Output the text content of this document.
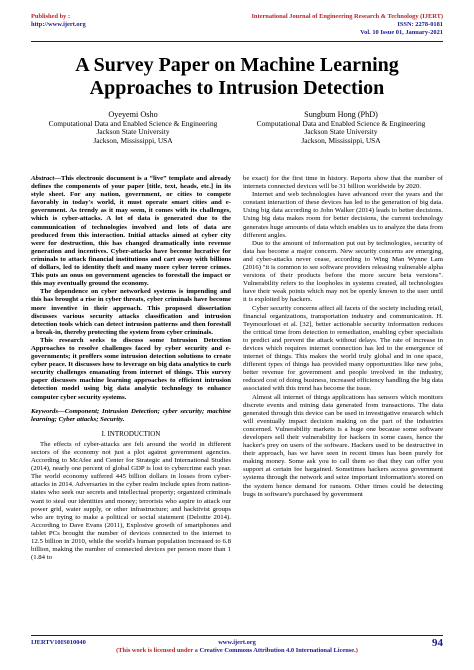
Published by :
http://www.ijert.org
International Journal of Engineering Research & Technology (IJERT)
ISSN: 2278-0181
Vol. 10 Issue 01, January-2021
A Survey Paper on Machine Learning
Approaches to Intrusion Detection
Oyeyemi Osho
Computational Data and Enabled Science & Engineering
Jackson State University
Jackson, Mississippi, USA
Sungbum Hong (PhD)
Computational Data and Enabled Science & Engineering
Jackson State University
Jackson, Mississippi, USA

Abstract—This electronic document is a “live” template and already defines the components of your paper [title, text, heads, etc.] in its style sheet. For any nation, government, or cities to compete favorably in today's world, it must operate smart cities and e-government. As trendy as it may seem, it comes with its challenges, which is cyber-attacks. A lot of data is generated due to the communication of technologies involved and lots of data are produced from this interaction. Initial attacks aimed at cyber city were for destruction, this has changed dramatically into revenue generation and incentives. Cyber-attacks have become lucrative for criminals to attack financial institutions and cart away with billions of dollars, led to identity theft and many more cyber terror crimes. This puts an onus on government agencies to forestall the impact or this may eventually ground the economy.

The dependence on cyber networked systems is impending and this has brought a rise in cyber threats, cyber criminals have become more inventive in their approach. This proposed dissertation discusses various security attacks classification and intrusion detection tools which can detect intrusion patterns and then forestall a break-in, thereby protecting the system from cyber criminals.

This research seeks to discuss some Intrusion Detection Approaches to resolve challenges faced by cyber security and e-governments; it proffers some intrusion detection solutions to create cyber peace. It discusses how to leverage on big data analytics to curb security challenges emanating from internet of things. This survey paper discusses machine learning approaches to efficient intrusion detection model using big data analytic technology to enhance computer cyber security systems.

Keywords—Component; Intrusion Detection; cyber security; machine learning; Cyber attacks; Security.

I. INTRODUCTION

The effects of cyber-attacks are felt around the world in different sectors of the economy not just a plot against government agencies. According to McAfee and Center for Strategic and International Studies (2014), nearly one percent of global GDP is lost to cybercrime each year. The world economy suffered 445 billion dollars in losses from cyber-attacks in 2014. Adversaries in the cyber realm include spies from nation-states who seek our secrets and intellectual property; organized criminals want to steal our identities and money; terrorists who aspire to attack our power grid, water supply, or other infrastructure; and hacktivist groups who are trying to make a political or social statement (Deloitte 2014). According to Dave Evans (2011), Explosive growth of smartphones and tablet PCs brought the number of devices connected to the internet to 12.5 billion in 2010, while the world's human population increased to 6.8 billion, making the number of connected devices per person more than 1 (1.84 to

be exact) for the first time in history. Reports show that the number of internets connected devices will be 31 billion worldwide by 2020.

Internet and web technologies have advanced over the years and the constant interaction of these devices has led to the generation of big data. Using big data according to John Walker (2014) leads to better decisions. Using big data makes room for better decisions, the current technology generates huge amounts of data which enables us to analyze the data from different angles.

Due to the amount of information put out by technologies, security of data has become a major concern. New security concerns are emerging, and cyber-attacks never cease, according to Wing Man Wynne Lam (2016) "it is common to see software providers releasing vulnerable alpha versions of their products before the more secure beta versions". Vulnerability refers to the loopholes in systems created, all technologies have their weak points which may not be openly known to the user until it is exploited by hackers.

Cyber security concerns affect all facets of the society including retail, financial organizations, transportation industry and communication. H. Teymourlouei et al. [32], better actionable security information reduces the critical time from detection to remediation, enabling cyber specialists to predict and prevent the attack without delays. The rate of increase in devices which requires internet connection has led to the emergence of internet of things. This makes the world truly global and in one space, different types of things has provided many opportunities like new jobs, better revenue for government and people involved in the industry, reduced cost of doing business, increased efficiency handling the big data associated with this trend has become the issue.

Almost all internet of things applications has sensors which monitors discrete events and mining data generated from transactions. The data generated through this device can be used in investigative research which will eventually impact decision making on the part of the industries concerned. Vulnerability markets is a huge one because some software developers sell their vulnerability for hackers in some cases, hence the hacker's prey on users of the software. Hackers used to be destructive in their approach, has we have seen in recent times has been purely for making money. Some ask you to call them so that they can offer you support at certain fee bargained. Sometimes hackers access government systems through the network and seize important information's stored on the system hence demand for ransom. Other times could be detecting bugs in software's purchased by government

IJERTV10IS010040	www.ijert.org
(This work is licensed under a Creative Commons Attribution 4.0 International License.)
94
